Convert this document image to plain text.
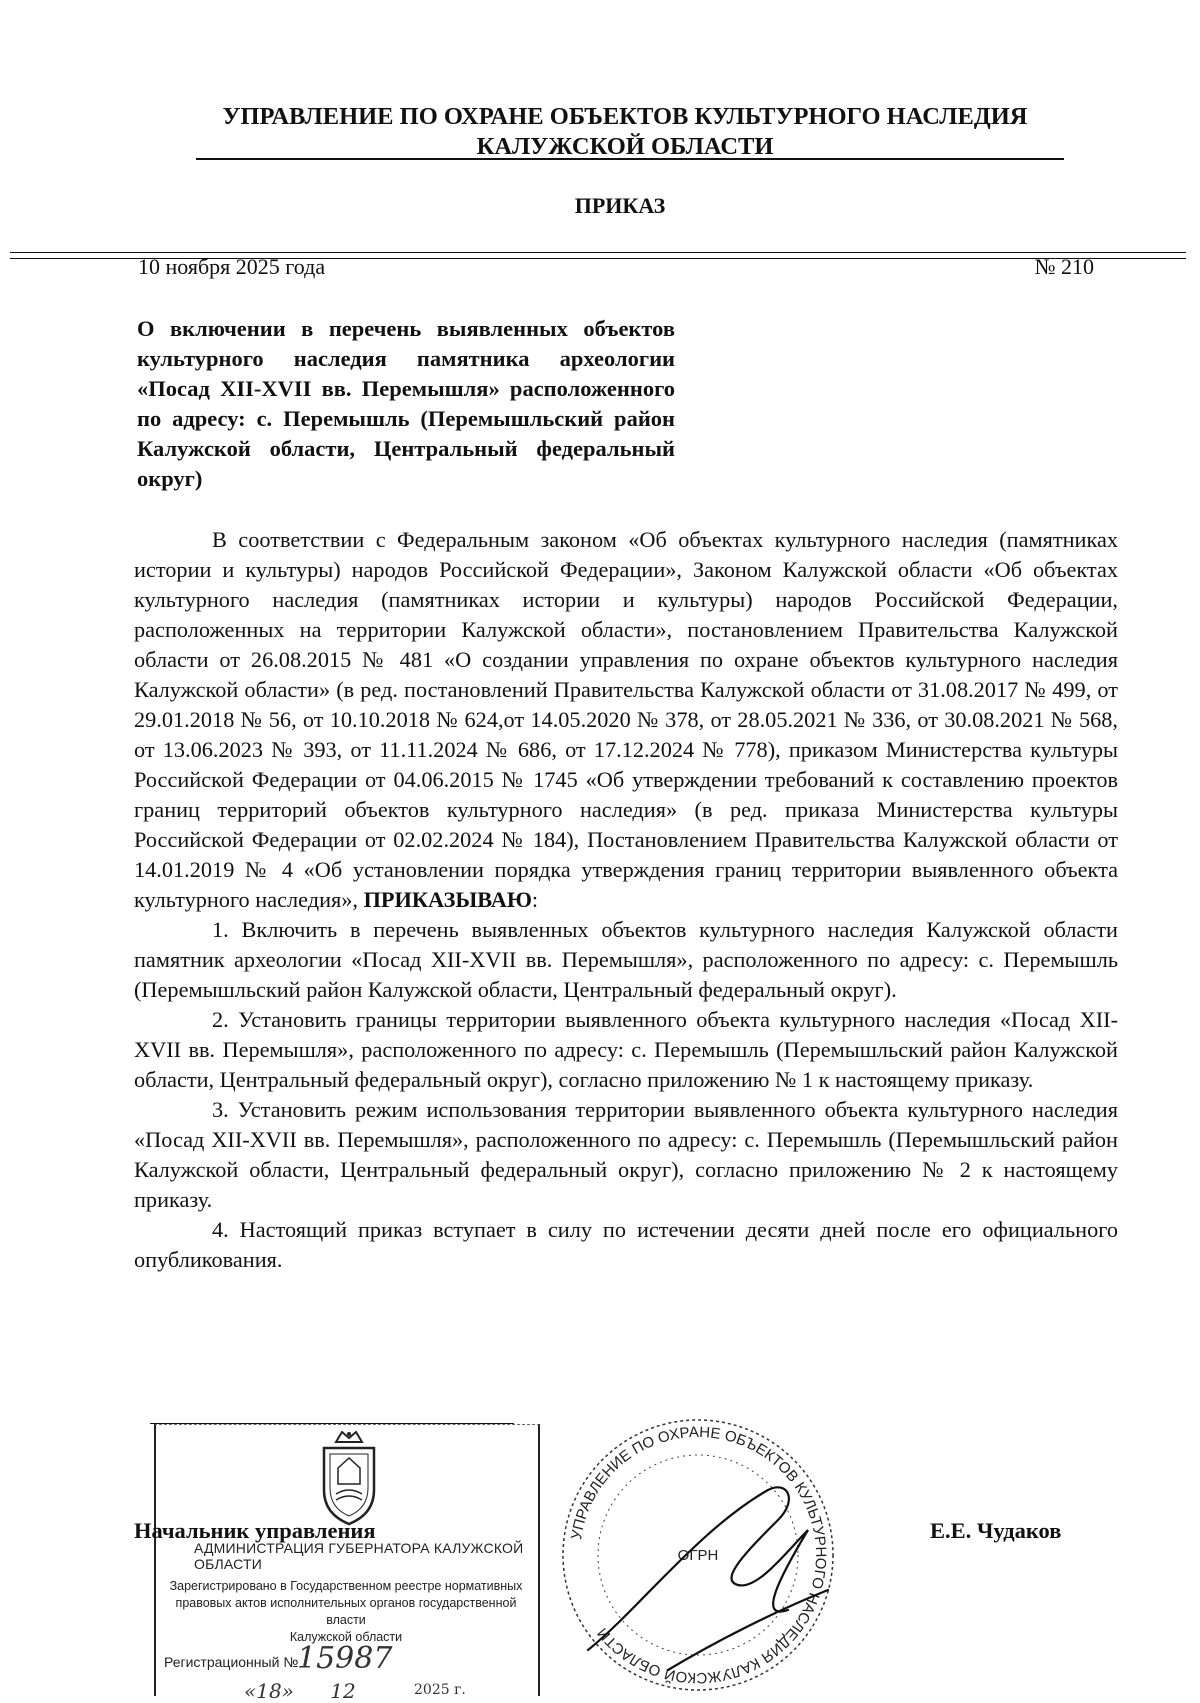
УПРАВЛЕНИЕ ПО ОХРАНЕ ОБЪЕКТОВ КУЛЬТУРНОГО НАСЛЕДИЯ
КАЛУЖСКОЙ ОБЛАСТИ
ПРИКАЗ
10 ноября 2025 года	№ 210
О включении в перечень выявленных объектов культурного наследия памятника археологии «Посад XII-XVII вв. Перемышля» расположенного по адресу: с. Перемышль (Перемышльский район Калужской области, Центральный федеральный округ)

В соответствии с Федеральным законом «Об объектах культурного наследия (памятниках истории и культуры) народов Российской Федерации», Законом Калужской области «Об объектах культурного наследия (памятниках истории и культуры) народов Российской Федерации, расположенных на территории Калужской области», постановлением Правительства Калужской области от 26.08.2015 № 481 «О создании управления по охране объектов культурного наследия Калужской области» (в ред. постановлений Правительства Калужской области от 31.08.2017 № 499, от 29.01.2018 № 56, от 10.10.2018 № 624,от 14.05.2020 № 378, от 28.05.2021 № 336, от 30.08.2021 № 568, от 13.06.2023 № 393, от 11.11.2024 № 686, от 17.12.2024 № 778), приказом Министерства культуры Российской Федерации от 04.06.2015 № 1745 «Об утверждении требований к составлению проектов границ территорий объектов культурного наследия» (в ред. приказа Министерства культуры Российской Федерации от 02.02.2024 № 184), Постановлением Правительства Калужской области от 14.01.2019 № 4 «Об установлении порядка утверждения границ территории выявленного объекта культурного наследия», ПРИКАЗЫВАЮ:

1. Включить в перечень выявленных объектов культурного наследия Калужской области памятник археологии «Посад XII-XVII вв. Перемышля», расположенного по адресу: с. Перемышль (Перемышльский район Калужской области, Центральный федеральный округ).

2. Установить границы территории выявленного объекта культурного наследия «Посад XII-XVII вв. Перемышля», расположенного по адресу: с. Перемышль (Перемышльский район Калужской области, Центральный федеральный округ), согласно приложению № 1 к настоящему приказу.

3. Установить режим использования территории выявленного объекта культурного наследия «Посад XII-XVII вв. Перемышля», расположенного по адресу: с. Перемышль (Перемышльский район Калужской области, Центральный федеральный округ), согласно приложению № 2 к настоящему приказу.

4. Настоящий приказ вступает в силу по истечении десяти дней после его официального опубликования.

АДМИНИСТРАЦИЯ ГУБЕРНАТОРА КАЛУЖСКОЙ ОБЛАСТИ
Зарегистрировано в Государственном реестре нормативных
правовых актов исполнительных органов государственной власти
Калужской области
Регистрационный №
15987
«18» 12	2025 г.
Начальник управления	Е.Е. Чудаков
УПРАВЛЕНИЕ ПО ОХРАНЕ ОБЪЕКТОВ КУЛЬТУРНОГО НАСЛЕДИЯ КАЛУЖСКОЙ ОБЛАСТИ
ОГРН
